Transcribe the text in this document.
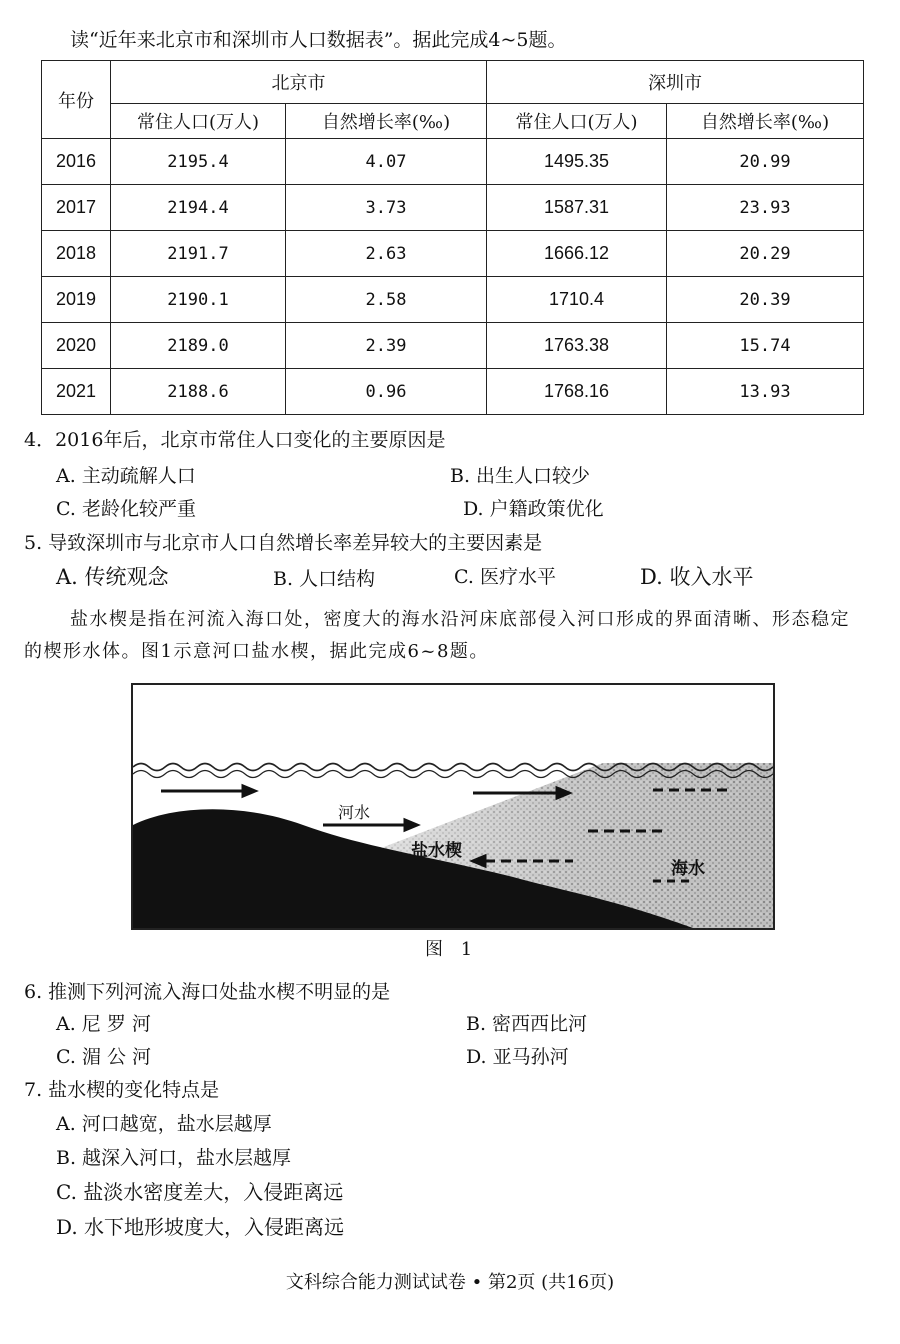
读“近年来北京市和深圳市人口数据表”。据此完成4~5题。
年份	北京市		深圳市	
	常住人口(万人)	自然增长率(‰)	常住人口(万人)	自然增长率(‰)
2016	2195.4	4.07	1495.35	20.99
2017	2194.4	3.73	1587.31	23.93
2018	2191.7	2.63	1666.12	20.29
2019	2190.1	2.58	1710.4	20.39
2020	2189.0	2.39	1763.38	15.74
2021	2188.6	0.96	1768.16	13.93
4．2016年后，北京市常住人口变化的主要原因是
A. 主动疏解人口	B. 出生人口较少
C. 老龄化较严重	D. 户籍政策优化
5. 导致深圳市与北京市人口自然增长率差异较大的主要因素是
A. 传统观念	B. 人口结构	C. 医疗水平	D. 收入水平
盐水楔是指在河流入海口处，密度大的海水沿河床底部侵入河口形成的界面清晰、形态稳定的楔形水体。图1示意河口盐水楔，据此完成6~8题。
河水
盐水楔
海水
图 1
6. 推测下列河流入海口处盐水楔不明显的是
A. 尼 罗 河	B. 密西西比河
C. 湄 公 河	D. 亚马孙河
7. 盐水楔的变化特点是
A. 河口越宽，盐水层越厚
B. 越深入河口，盐水层越厚
C. 盐淡水密度差大，入侵距离远
D. 水下地形坡度大，入侵距离远
文科综合能力测试试卷 • 第2页 (共16页)
